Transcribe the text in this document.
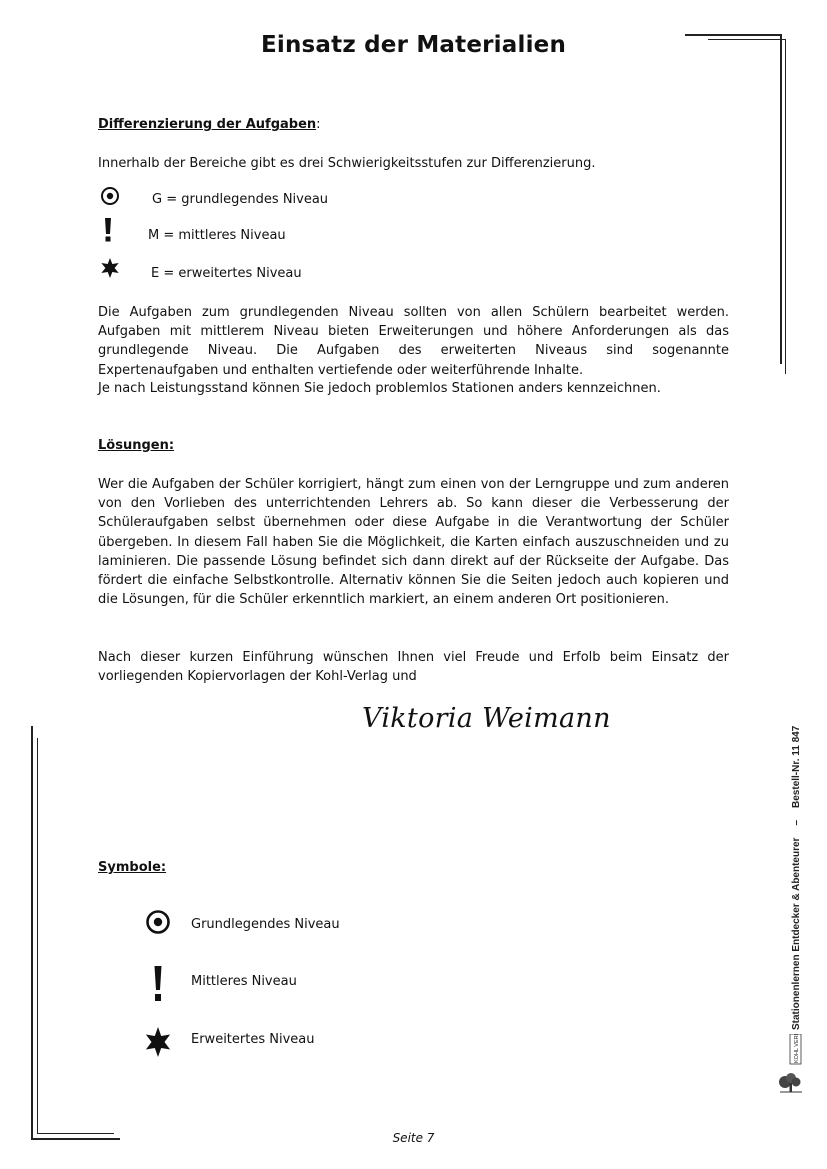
Einsatz der Materialien
Differenzierung der Aufgaben:
Innerhalb der Bereiche gibt es drei Schwierigkeitsstufen zur Differenzierung.
G = grundlegendes Niveau
M = mittleres Niveau
E = erweitertes Niveau
Die Aufgaben zum grundlegenden Niveau sollten von allen Schülern bearbeitet werden. Aufgaben mit mittlerem Niveau bieten Erweiterungen und höhere Anforderungen als das grundlegende Niveau. Die Aufgaben des erweiterten Niveaus sind sogenannte Expertenaufgaben und enthalten vertiefende oder weiterführende Inhalte.
Je nach Leistungsstand können Sie jedoch problemlos Stationen anders kennzeichnen.
Lösungen:
Wer die Aufgaben der Schüler korrigiert, hängt zum einen von der Lerngruppe und zum anderen von den Vorlieben des unterrichtenden Lehrers ab. So kann dieser die Verbesserung der Schüleraufgaben selbst übernehmen oder diese Aufgabe in die Verantwortung der Schüler übergeben. In diesem Fall haben Sie die Möglichkeit, die Karten einfach auszuschneiden und zu laminieren. Die passende Lösung befindet sich dann direkt auf der Rückseite der Aufgabe. Das fördert die einfache Selbstkontrolle. Alternativ können Sie die Seiten jedoch auch kopieren und die Lösungen, für die Schüler erkenntlich markiert, an einem anderen Ort positionieren.
Nach dieser kurzen Einführung wünschen Ihnen viel Freude und Erfolb beim Einsatz der vorliegenden Kopiervorlagen der Kohl-Verlag und
Viktoria Weimann
Symbole:
Grundlegendes Niveau
Mittleres Niveau
Erweitertes Niveau
Stationenlernen Entdecker & Abenteurer–Bestell-Nr. 11 847
KOHL VERLAG
Seite 7
